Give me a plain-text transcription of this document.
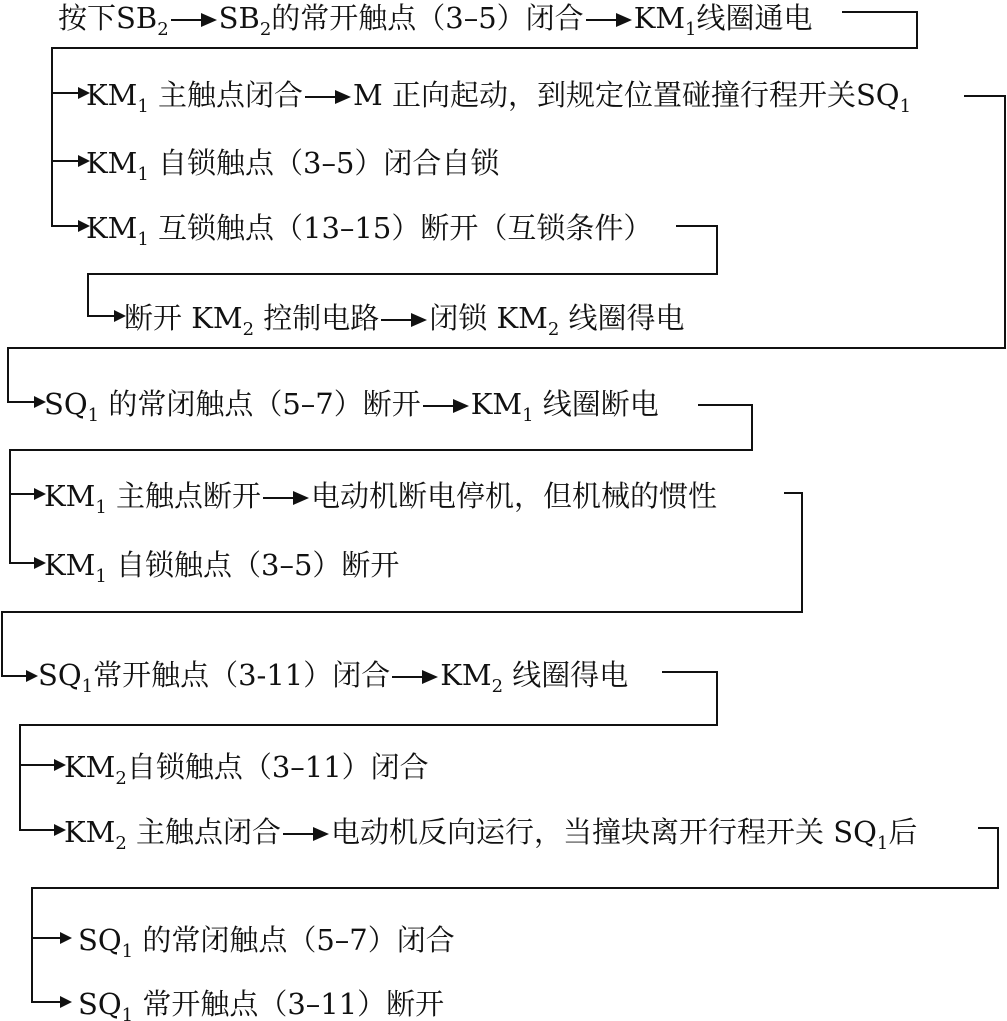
按下$SB_2$ $SB_2$的常开触点（3–5）闭合 $KM_1$线圈通电
$KM_1$ 主触点闭合 M 正向起动，到规定位置碰撞行程开关$SQ_1$
$KM_1$ 自锁触点（3–5）闭合自锁
$KM_1$ 互锁触点（13–15）断开（互锁条件）
断开 $KM_2$ 控制电路 闭锁 $KM_2$ 线圈得电
$SQ_1$ 的常闭触点（5–7）断开 $KM_1$ 线圈断电
$KM_1$ 主触点断开 电动机断电停机，但机械的惯性
$KM_1$ 自锁触点（3–5）断开
$SQ_1$常开触点（3-11）闭合 $KM_2$ 线圈得电
$KM_2$自锁触点（3–11）闭合
$KM_2$ 主触点闭合 电动机反向运行，当撞块离开行程开关 $SQ_1$后
$SQ_1$ 的常闭触点（5–7）闭合
$SQ_1$ 常开触点（3–11）断开
